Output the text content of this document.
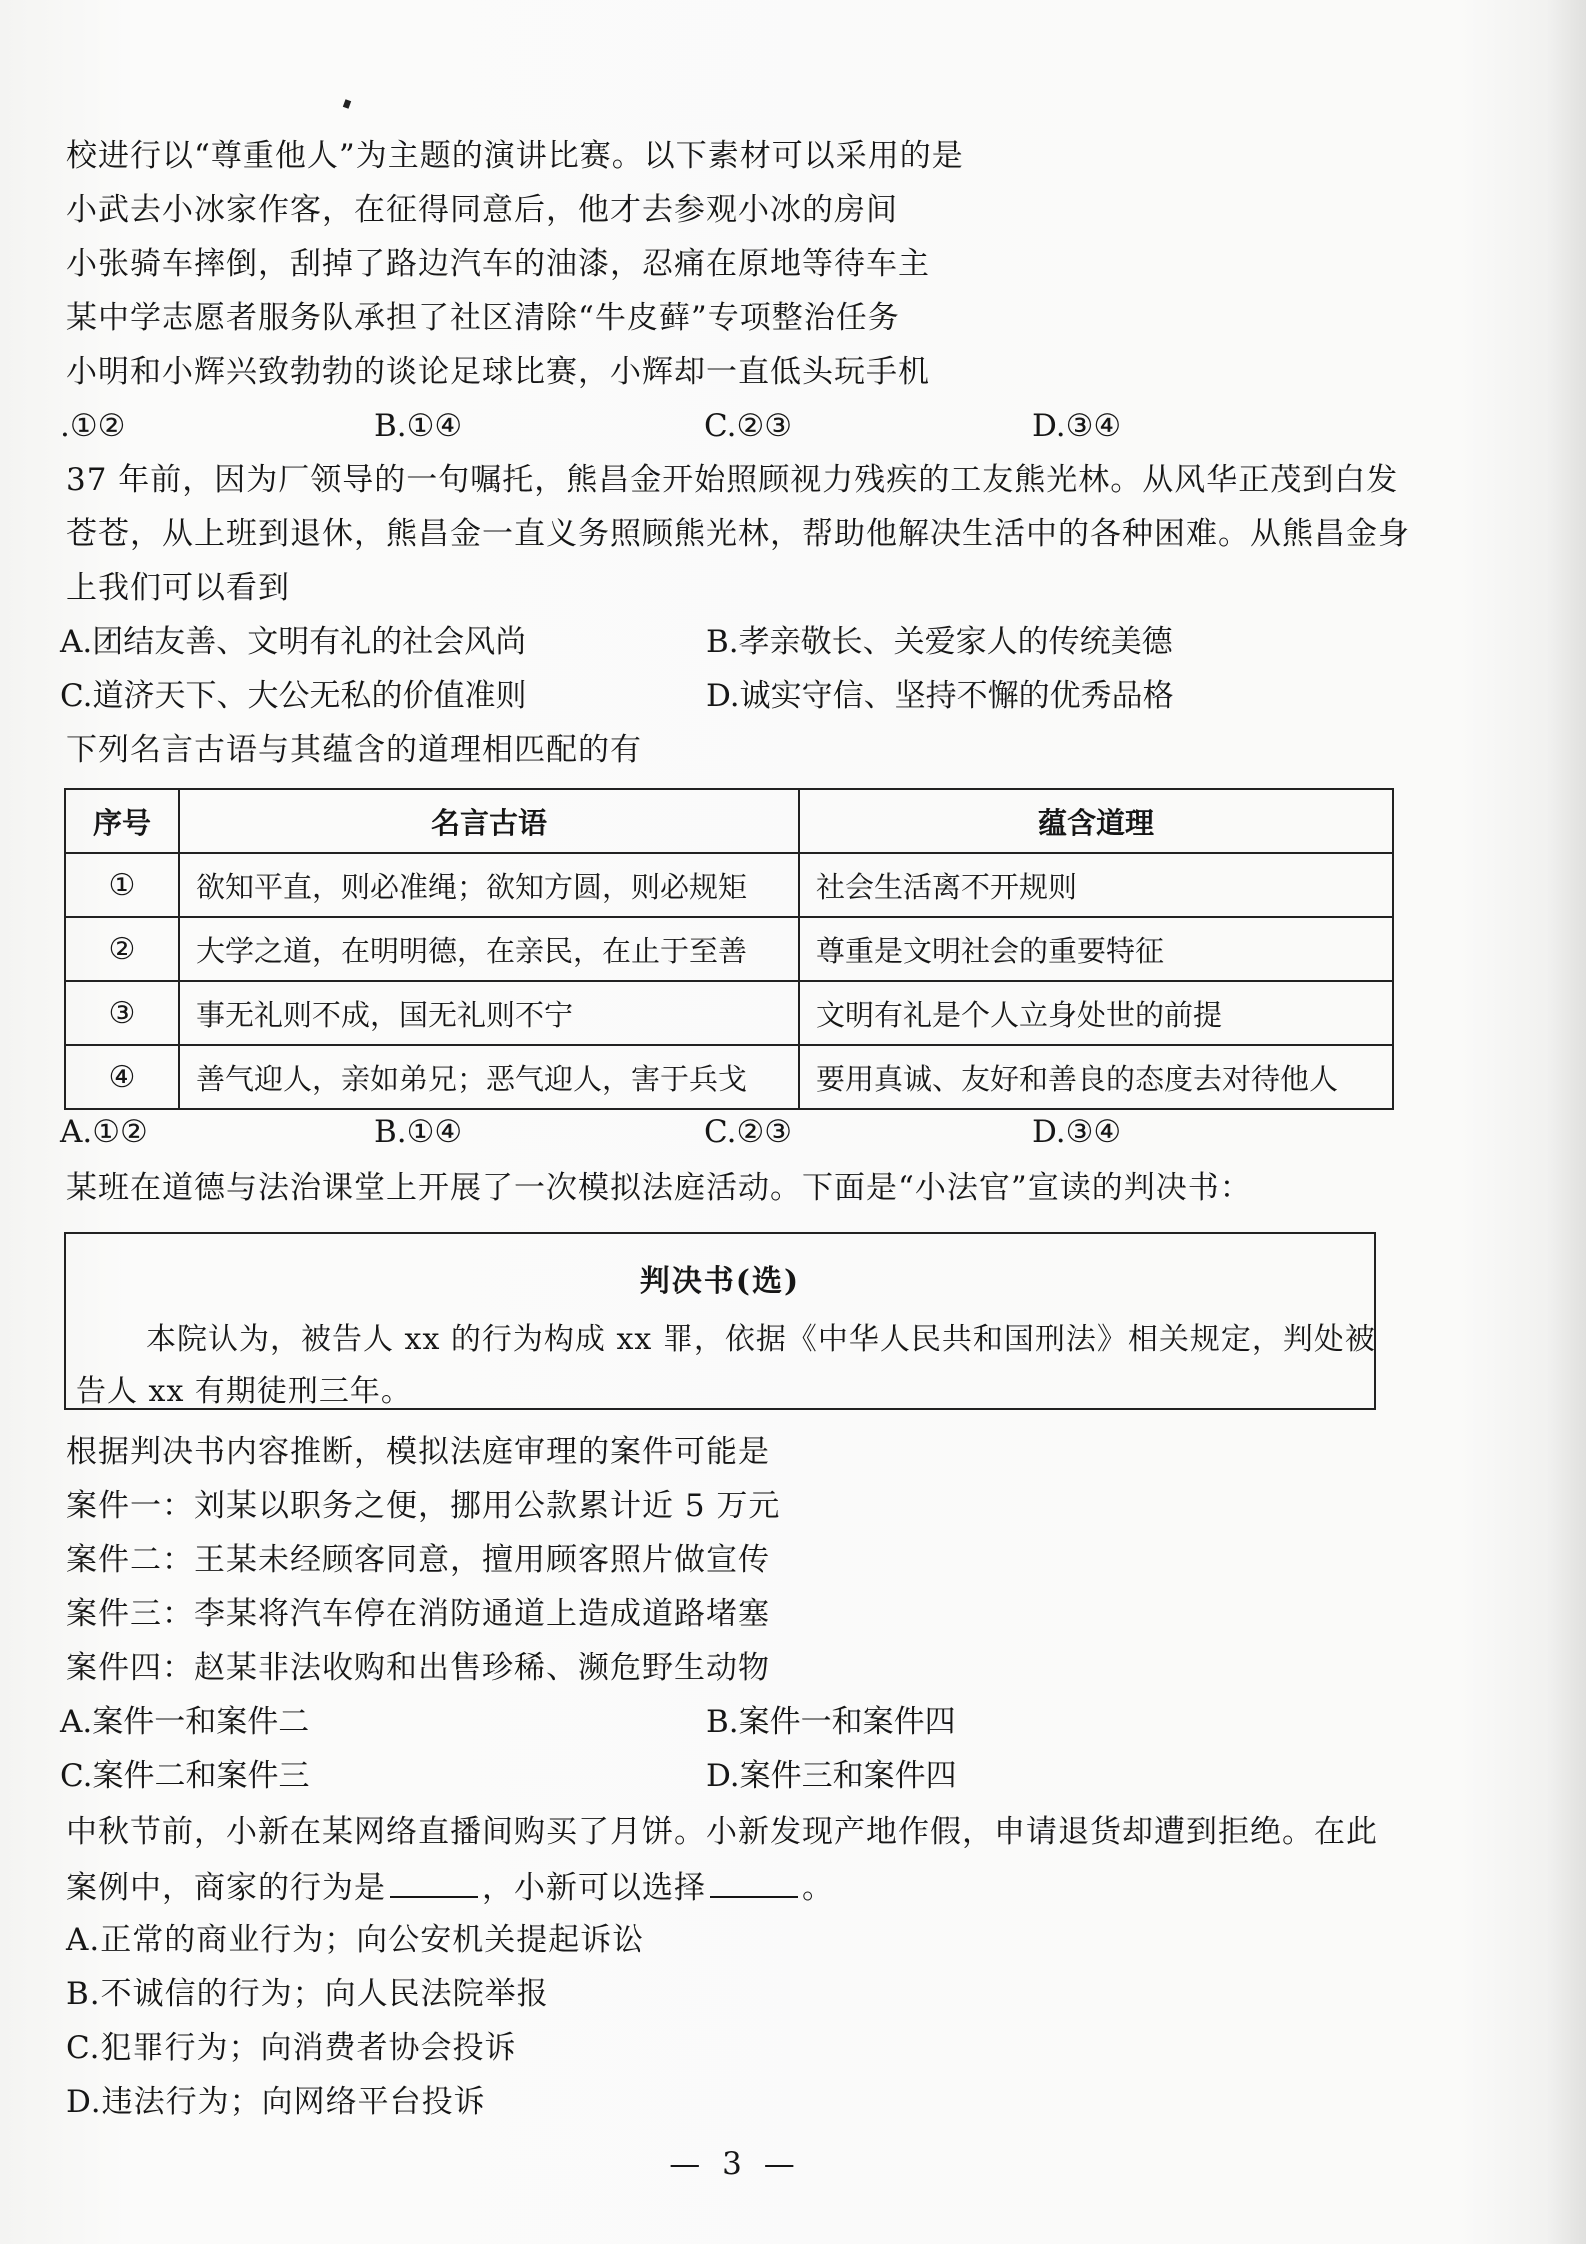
校进行以“尊重他人”为主题的演讲比赛。以下素材可以采用的是
小武去小冰家作客，在征得同意后，他才去参观小冰的房间
小张骑车摔倒，刮掉了路边汽车的油漆，忍痛在原地等待车主
某中学志愿者服务队承担了社区清除“牛皮藓”专项整治任务
小明和小辉兴致勃勃的谈论足球比赛，小辉却一直低头玩手机
.①②	B.①④	C.②③	D.③④
37 年前，因为厂领导的一句嘱托，熊昌金开始照顾视力残疾的工友熊光林。从风华正茂到白发
苍苍，从上班到退休，熊昌金一直义务照顾熊光林，帮助他解决生活中的各种困难。从熊昌金身
上我们可以看到
A.团结友善、文明有礼的社会风尚	B.孝亲敬长、关爱家人的传统美德
C.道济天下、大公无私的价值准则	D.诚实守信、坚持不懈的优秀品格
下列名言古语与其蕴含的道理相匹配的有
序号	名言古语	蕴含道理
①	欲知平直，则必准绳；欲知方圆，则必规矩	社会生活离不开规则
②	大学之道，在明明德，在亲民，在止于至善	尊重是文明社会的重要特征
③	事无礼则不成，国无礼则不宁	文明有礼是个人立身处世的前提
④	善气迎人，亲如弟兄；恶气迎人，害于兵戈	要用真诚、友好和善良的态度去对待他人
A.①②	B.①④	C.②③	D.③④
某班在道德与法治课堂上开展了一次模拟法庭活动。下面是“小法官”宣读的判决书：
判决书(选)
本院认为，被告人 xx 的行为构成 xx 罪，依据《中华人民共和国刑法》相关规定，判处被
告人 xx 有期徒刑三年。
根据判决书内容推断，模拟法庭审理的案件可能是
案件一：刘某以职务之便，挪用公款累计近 5 万元
案件二：王某未经顾客同意，擅用顾客照片做宣传
案件三：李某将汽车停在消防通道上造成道路堵塞
案件四：赵某非法收购和出售珍稀、濒危野生动物
A.案件一和案件二	B.案件一和案件四
C.案件二和案件三	D.案件三和案件四
中秋节前，小新在某网络直播间购买了月饼。小新发现产地作假，申请退货却遭到拒绝。在此
案例中，商家的行为是	，小新可以选择	。
A.正常的商业行为；向公安机关提起诉讼
B.不诚信的行为；向人民法院举报
C.犯罪行为；向消费者协会投诉
D.违法行为；向网络平台投诉
— 3 —
